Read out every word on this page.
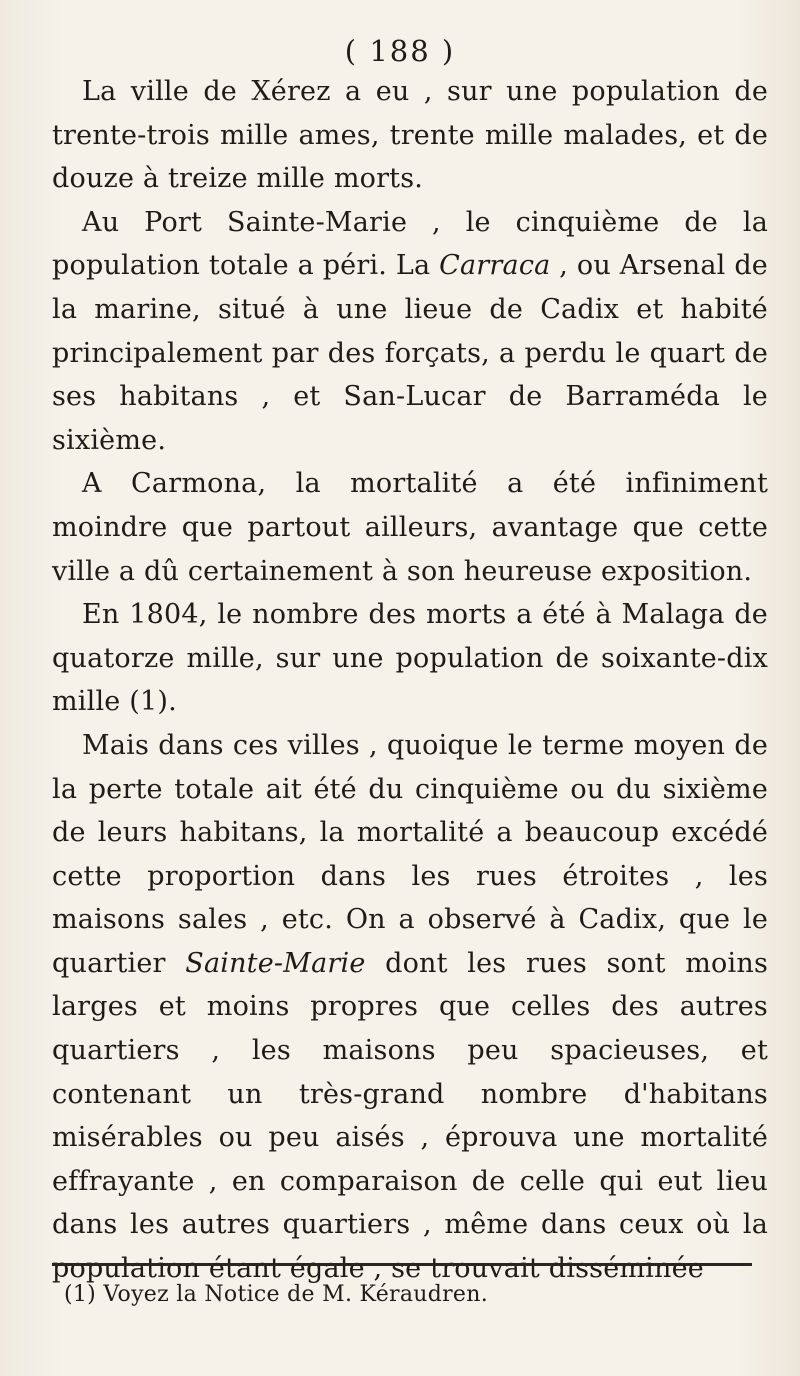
( 188 )

La ville de Xérez a eu , sur une population de trente-trois mille ames, trente mille malades, et de douze à treize mille morts.

Au Port Sainte-Marie , le cinquième de la population totale a péri. La Carraca , ou Arsenal de la marine, situé à une lieue de Cadix et habité principalement par des forçats, a perdu le quart de ses habitans , et San-Lucar de Barraméda le sixième.

A Carmona, la mortalité a été infiniment moindre que partout ailleurs, avantage que cette ville a dû certainement à son heureuse exposition.

En 1804, le nombre des morts a été à Malaga de quatorze mille, sur une population de soixante-dix mille (1).

Mais dans ces villes , quoique le terme moyen de la perte totale ait été du cinquième ou du sixième de leurs habitans, la mortalité a beaucoup excédé cette proportion dans les rues étroites , les maisons sales , etc. On a observé à Cadix, que le quartier Sainte-Marie dont les rues sont moins larges et moins propres que celles des autres quartiers , les maisons peu spacieuses, et contenant un très-grand nombre d'habitans misérables ou peu aisés , éprouva une mortalité effrayante , en comparaison de celle qui eut lieu dans les autres quartiers , même dans ceux où la population étant égale , se trouvait disséminée

(1) Voyez la Notice de M. Kéraudren.
